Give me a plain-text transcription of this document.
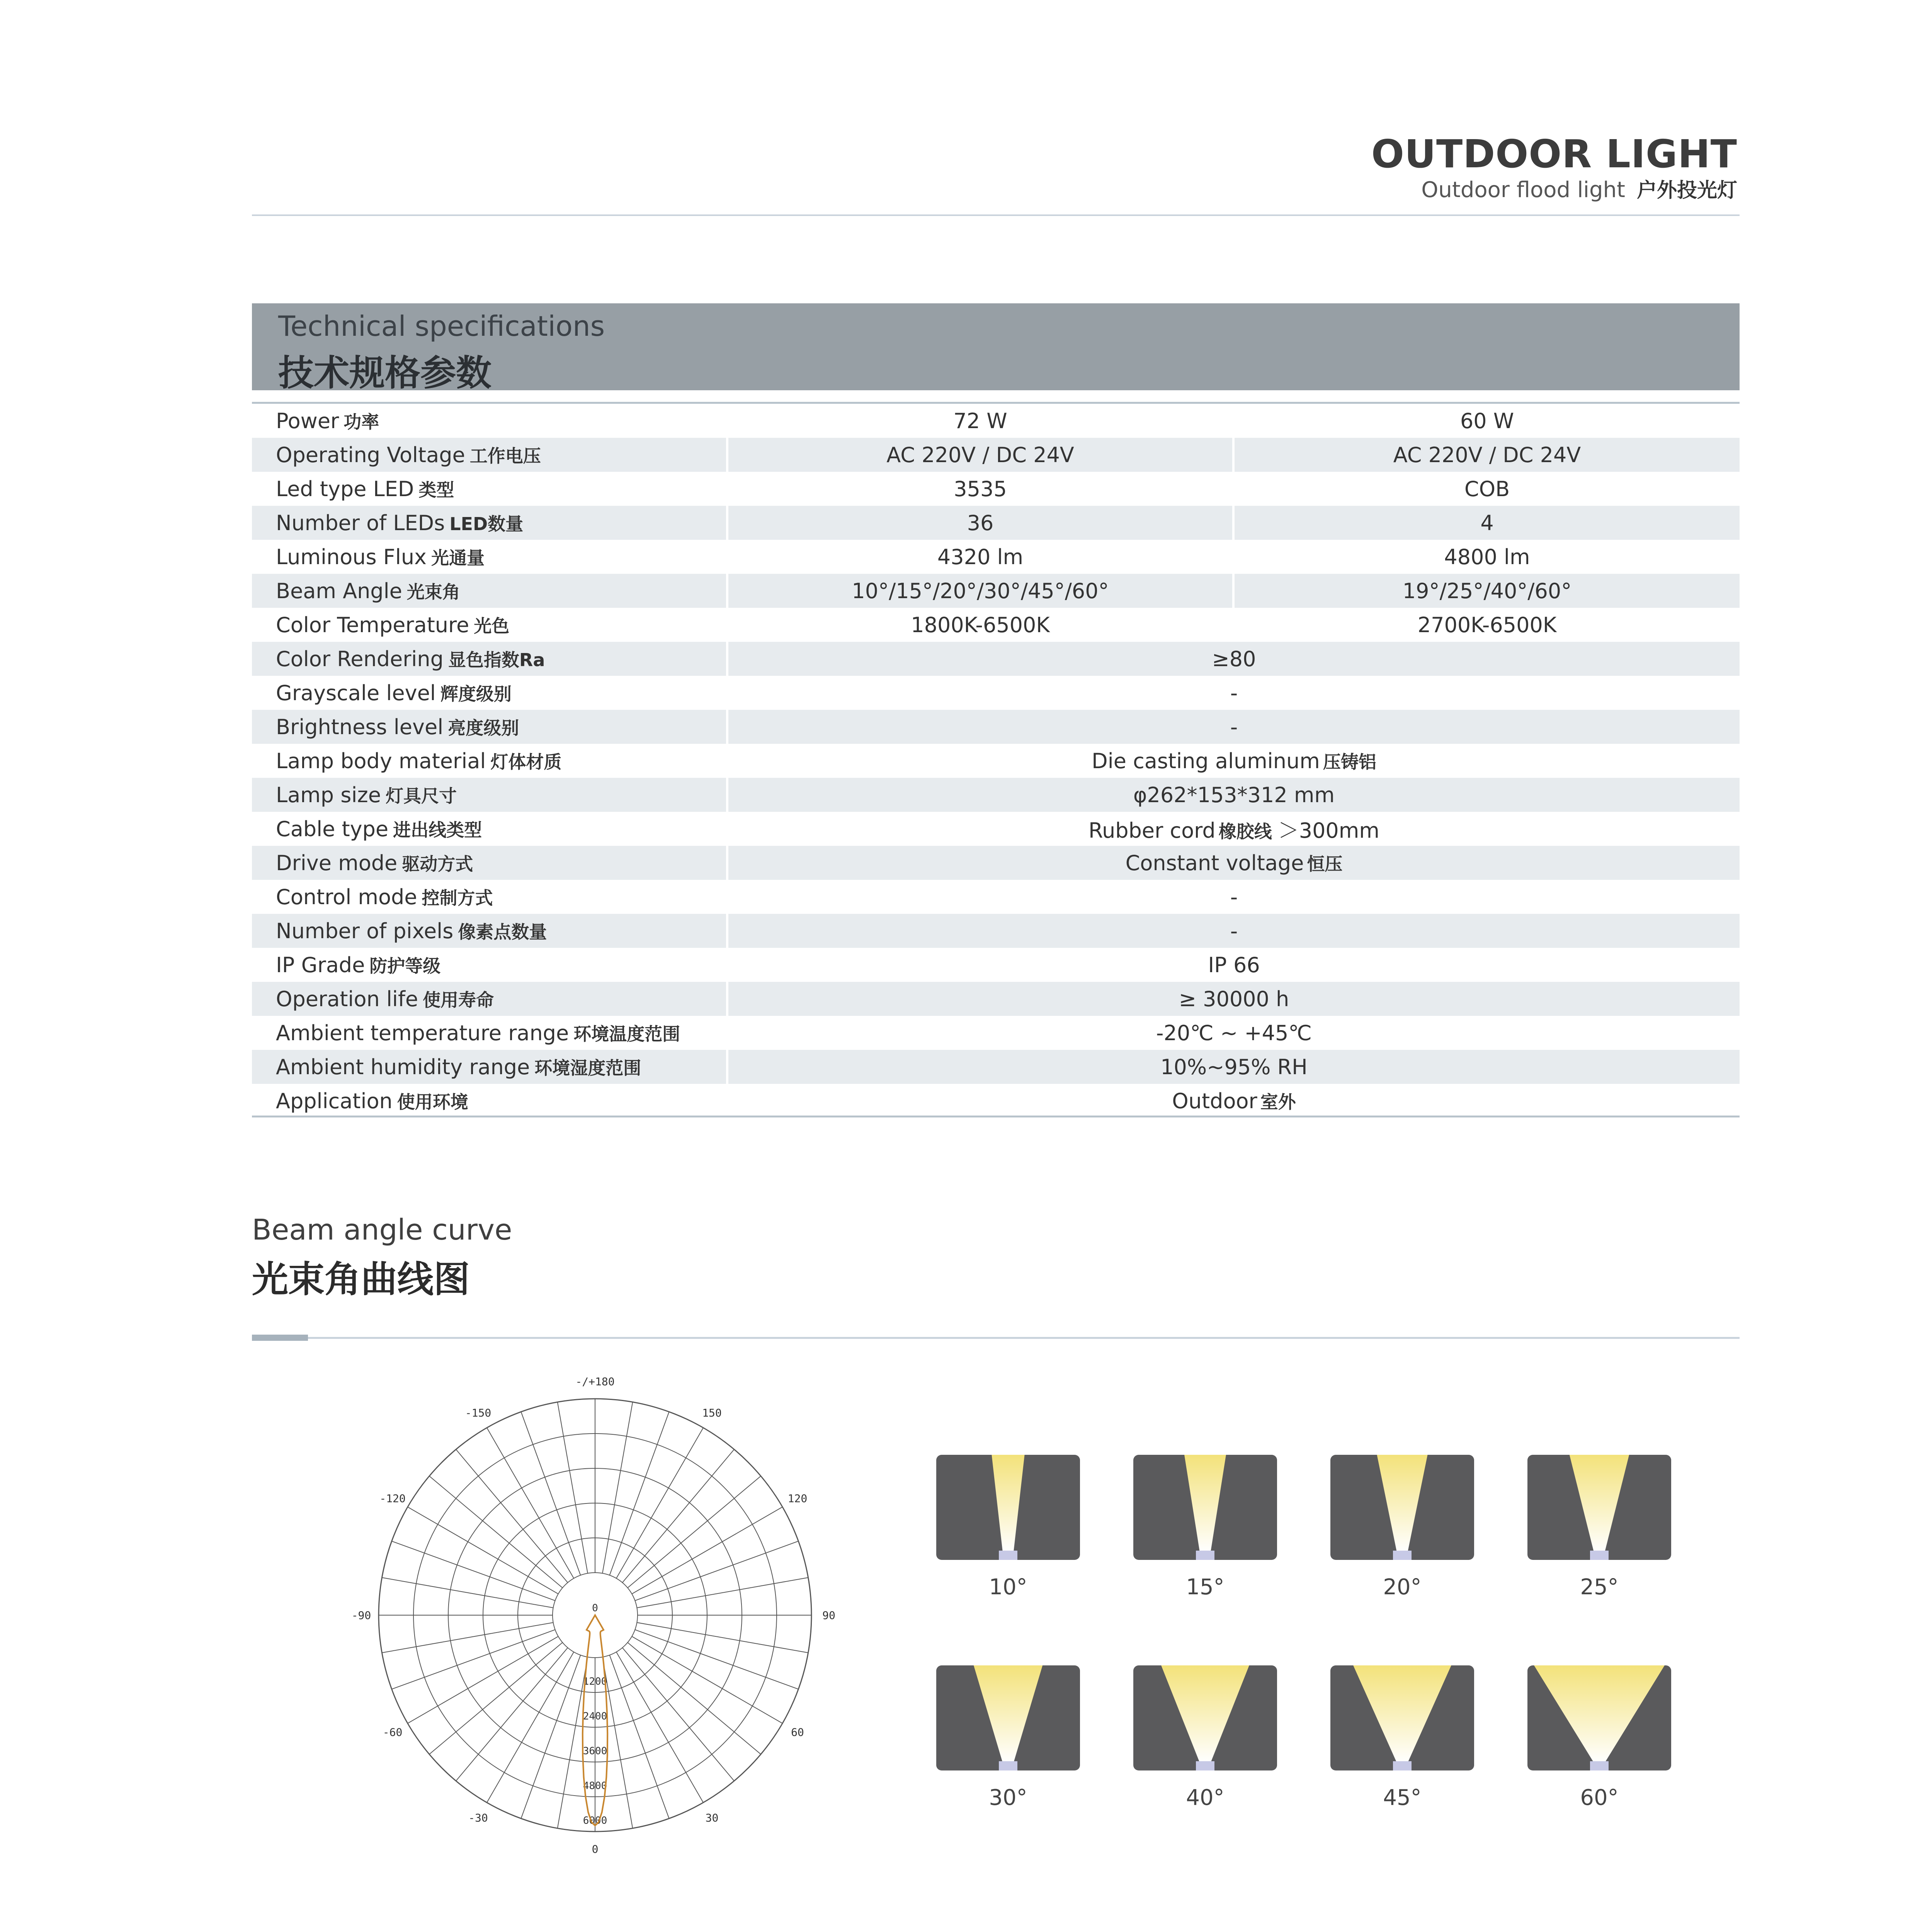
OUTDOOR LIGHT
Outdoor flood light 户外投光灯
Technical specifications
技术规格参数
Power 功率	72 W	60 W
Operating Voltage 工作电压	AC 220V / DC 24V	AC 220V / DC 24V
Led type LED 类型	3535	COB
Number of LEDs LED数量	36	4
Luminous Flux 光通量	4320 lm	4800 lm
Beam Angle 光束角	10°/15°/20°/30°/45°/60°	19°/25°/40°/60°
Color Temperature 光色	1800K-6500K	2700K-6500K
Color Rendering 显色指数Ra	≥80	
Grayscale level 辉度级别	-	
Brightness level 亮度级别	-	
Lamp body material 灯体材质	Die casting aluminum 压铸铝	
Lamp size 灯具尺寸	φ262*153*312 mm	
Cable type 进出线类型	Rubber cord 橡胶线 ＞300mm	
Drive mode 驱动方式	Constant voltage 恒压	
Control mode 控制方式	-	
Number of pixels 像素点数量	-	
IP Grade 防护等级	IP 66	
Operation life 使用寿命	≥ 30000 h	
Ambient temperature range 环境温度范围	-20℃ ~ +45℃	
Ambient humidity range 环境湿度范围	10%~95% RH	
Application 使用环境	Outdoor 室外	
Beam angle curve
光束角曲线图
-/+180
150
120
90
60
30
0
-30
-60
-90
-120
-150
0
1200
2400
3600
4800
6000
10°	15°	20°	25°
30°	40°	45°	60°
